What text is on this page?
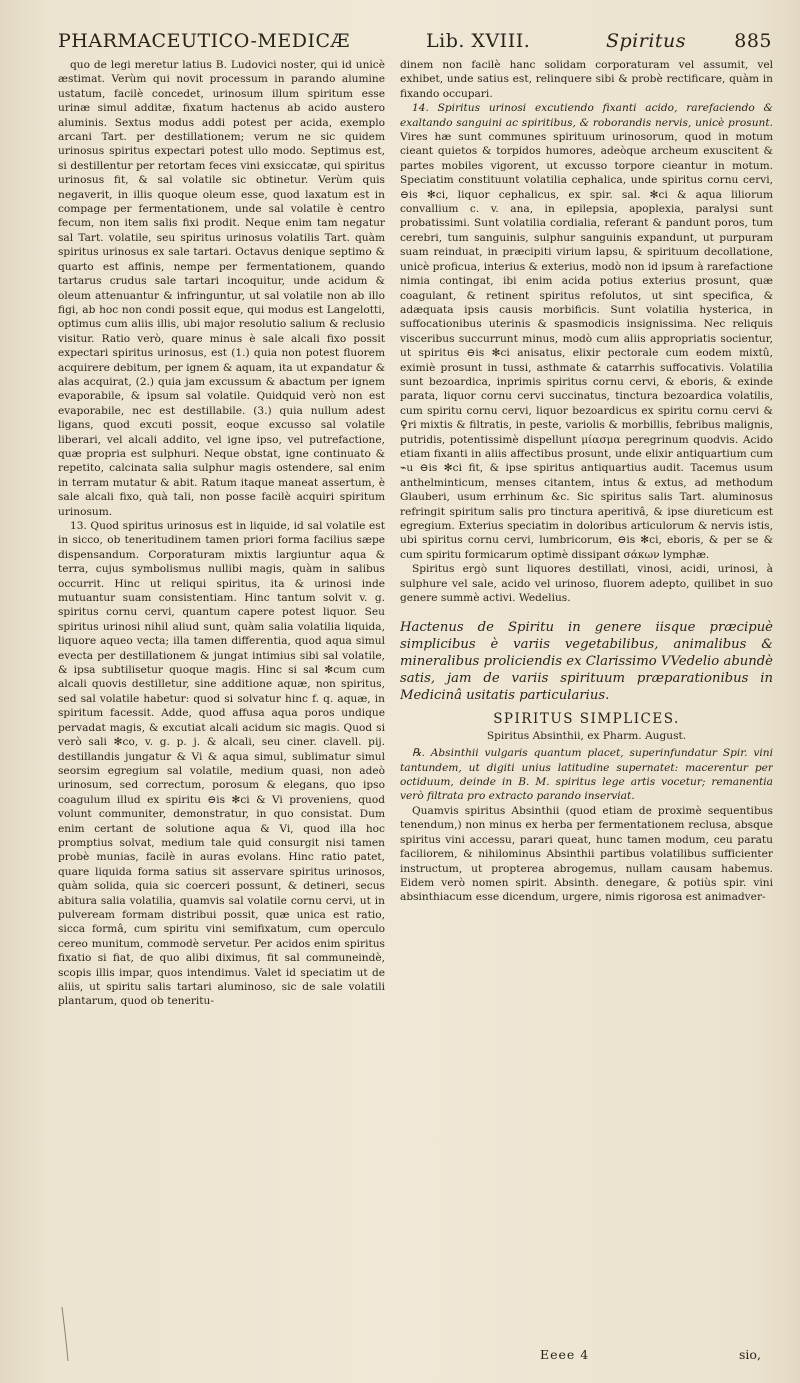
PHARMACEUTICO-MEDICÆ	Lib. XVIII.	Spiritus	885

quo de legi meretur latius B. Ludovici noster, qui id unicè æstimat. Verùm qui novit processum in parando alumine ustatum, facilè concedet, urinosum illum spiritum esse urinæ simul additæ, fixatum hactenus ab acido austero aluminis. Sextus modus addi potest per acida, exemplo arcani Tart. per destillationem; verum ne sic quidem urinosus spiritus expectari potest ullo modo. Septimus est, si destillentur per retortam feces vini exsiccatæ, qui spiritus urinosus fit, & sal volatile sic obtinetur. Verùm quis negaverit, in illis quoque oleum esse, quod laxatum est in compage per fermentationem, unde sal volatile è centro fecum, non item salis fixi prodit. Neque enim tam negatur sal Tart. volatile, seu spiritus urinosus volatilis Tart. quàm spiritus urinosus ex sale tartari. Octavus denique septimo & quarto est affinis, nempe per fermentationem, quando tartarus crudus sale tartari incoquitur, unde acidum & oleum attenuantur & infringuntur, ut sal volatile non ab illo figi, ab hoc non condi possit eque, qui modus est Langelotti, optimus cum aliis illis, ubi major resolutio salium & reclusio visitur. Ratio verò, quare minus è sale alcali fixo possit expectari spiritus urinosus, est (1.) quia non potest fluorem acquirere debitum, per ignem & aquam, ita ut expandatur & alas acquirat, (2.) quia jam excussum & abactum per ignem evaporabile, & ipsum sal volatile. Quidquid verò non est evaporabile, nec est destillabile. (3.) quia nullum adest ligans, quod excuti possit, eoque excusso sal volatile liberari, vel alcali addito, vel igne ipso, vel putrefactione, quæ propria est sulphuri. Neque obstat, igne continuato & repetito, calcinata salia sulphur magis ostendere, sal enim in terram mutatur & abit. Ratum itaque maneat assertum, è sale alcali fixo, quà tali, non posse facilè acquiri spiritum urinosum.

13. Quod spiritus urinosus est in liquide, id sal volatile est in sicco, ob teneritudinem tamen priori forma facilius sæpe dispensandum. Corporaturam mixtis largiuntur aqua & terra, cujus symbolismus nullibi magis, quàm in salibus occurrit. Hinc ut reliqui spiritus, ita & urinosi inde mutuantur suam consistentiam. Hinc tantum solvit v. g. spiritus cornu cervi, quantum capere potest liquor. Seu spiritus urinosi nihil aliud sunt, quàm salia volatilia liquida, liquore aqueo vecta; illa tamen differentia, quod aqua simul evecta per destillationem & jungat intimius sibi sal volatile, & ipsa subtilisetur quoque magis. Hinc si sal ✻cum cum alcali quovis destilletur, sine additione aquæ, non spiritus, sed sal volatile habetur: quod si solvatur hinc f. q. aquæ, in spiritum facessit. Adde, quod affusa aqua poros undique pervadat magis, & excutiat alcali acidum sic magis. Quod si verò sali ✻co, v. g. p. j. & alcali, seu ciner. clavell. pij. destillandis jungatur & Vi & aqua simul, sublimatur simul seorsim egregium sal volatile, medium quasi, non adeò urinosum, sed correctum, porosum & elegans, quo ipso coagulum illud ex spiritu ⊖is ✻ci & Vi proveniens, quod volunt communiter, demonstratur, in quo consistat. Dum enim certant de solutione aqua & Vi, quod illa hoc promptius solvat, medium tale quid consurgit nisi tamen probè munias, facilè in auras evolans. Hinc ratio patet, quare liquida forma satius sit asservare spiritus urinosos, quàm solida, quia sic coerceri possunt, & detineri, secus abitura salia volatilia, quamvis sal volatile cornu cervi, ut in pulveream formam distribui possit, quæ unica est ratio, sicca formâ, cum spiritu vini semifixatum, cum operculo cereo munitum, commodè servetur. Per acidos enim spiritus fixatio si fiat, de quo alibi diximus, fit sal communeindè, scopis illis impar, quos intendimus. Valet id speciatim ut de aliis, ut spiritu salis tartari aluminoso, sic de sale volatili plantarum, quod ob teneritu-

dinem non facilè hanc solidam corporaturam vel assumit, vel exhibet, unde satius est, relinquere sibi & probè rectificare, quàm in fixando occupari.

14. Spiritus urinosi excutiendo fixanti acido, rarefaciendo & exaltando sanguini ac spiritibus, & roborandis nervis, unicè prosunt. Vires hæ sunt communes spirituum urinosorum, quod in motum cieant quietos & torpidos humores, adeòque archeum exuscitent & partes mobiles vigorent, ut excusso torpore cieantur in motum. Speciatim constituunt volatilia cephalica, unde spiritus cornu cervi, ⊖is ✻ci, liquor cephalicus, ex spir. sal. ✻ci & aqua liliorum convallium c. v. ana, in epilepsia, apoplexia, paralysi sunt probatissimi. Sunt volatilia cordialia, referant & pandunt poros, tum cerebri, tum sanguinis, sulphur sanguinis expandunt, ut purpuram suam reinduat, in præcipiti virium lapsu, & spirituum decollatione, unicè proficua, interius & exterius, modò non id ipsum à rarefactione nimia contingat, ibi enim acida potius exterius prosunt, quæ coagulant, & retinent spiritus refolutos, ut sint specifica, & adæquata ipsis causis morbificis. Sunt volatilia hysterica, in suffocationibus uterinis & spasmodicis insignissima. Nec reliquis visceribus succurrunt minus, modò cum aliis appropriatis socientur, ut spiritus ⊖is ✻ci anisatus, elixir pectorale cum eodem mixtû, eximiè prosunt in tussi, asthmate & catarrhis suffocativis. Volatilia sunt bezoardica, inprimis spiritus cornu cervi, & eboris, & exinde parata, liquor cornu cervi succinatus, tinctura bezoardica volatilis, cum spiritu cornu cervi, liquor bezoardicus ex spiritu cornu cervi & ♀ri mixtis & filtratis, in peste, variolis & morbillis, febribus malignis, putridis, potentissimè dispellunt μίασμα peregrinum quodvis. Acido etiam fixanti in aliis affectibus prosunt, unde elixir antiquartium cum ⌁u ⊖is ✻ci fit, & ipse spiritus antiquartius audit. Tacemus usum anthelminticum, menses citantem, intus & extus, ad methodum Glauberi, usum errhinum &c. Sic spiritus salis Tart. aluminosus refringit spiritum salis pro tinctura aperitivâ, & ipse diureticum est egregium. Exterius speciatim in doloribus articulorum & nervis istis, ubi spiritus cornu cervi, lumbricorum, ⊖is ✻ci, eboris, & per se & cum spiritu formicarum optimè dissipant σάκων lymphæ.

Spiritus ergò sunt liquores destillati, vinosi, acidi, urinosi, à sulphure vel sale, acido vel urinoso, fluorem adepto, quilibet in suo genere summè activi. Wedelius.

Hactenus de Spiritu in genere iisque præcipuè simplicibus è variis vegetabilibus, animalibus & mineralibus proliciendis ex Clarissimo VVedelio abundè satis, jam de variis spirituum præparationibus in Medicinâ usitatis particularius.

SPIRITUS SIMPLICES.

Spiritus Absinthii, ex Pharm. August.

℞. Absinthii vulgaris quantum placet, superinfundatur Spir. vini tantundem, ut digiti unius latitudine supernatet: macerentur per octiduum, deinde in B. M. spiritus lege artis vocetur; remanentia verò filtrata pro extracto parando inserviat.

Quamvis spiritus Absinthii (quod etiam de proximè sequentibus tenendum,) non minus ex herba per fermentationem reclusa, absque spiritus vini accessu, parari queat, hunc tamen modum, ceu paratu faciliorem, & nihilominus Absinthii partibus volatilibus sufficienter instructum, ut propterea abrogemus, nullam causam habemus. Eidem verò nomen spirit. Absinth. denegare, & potiùs spir. vini absinthiacum esse dicendum, urgere, nimis rigorosa est animadver-

Eeee 4	sio,
